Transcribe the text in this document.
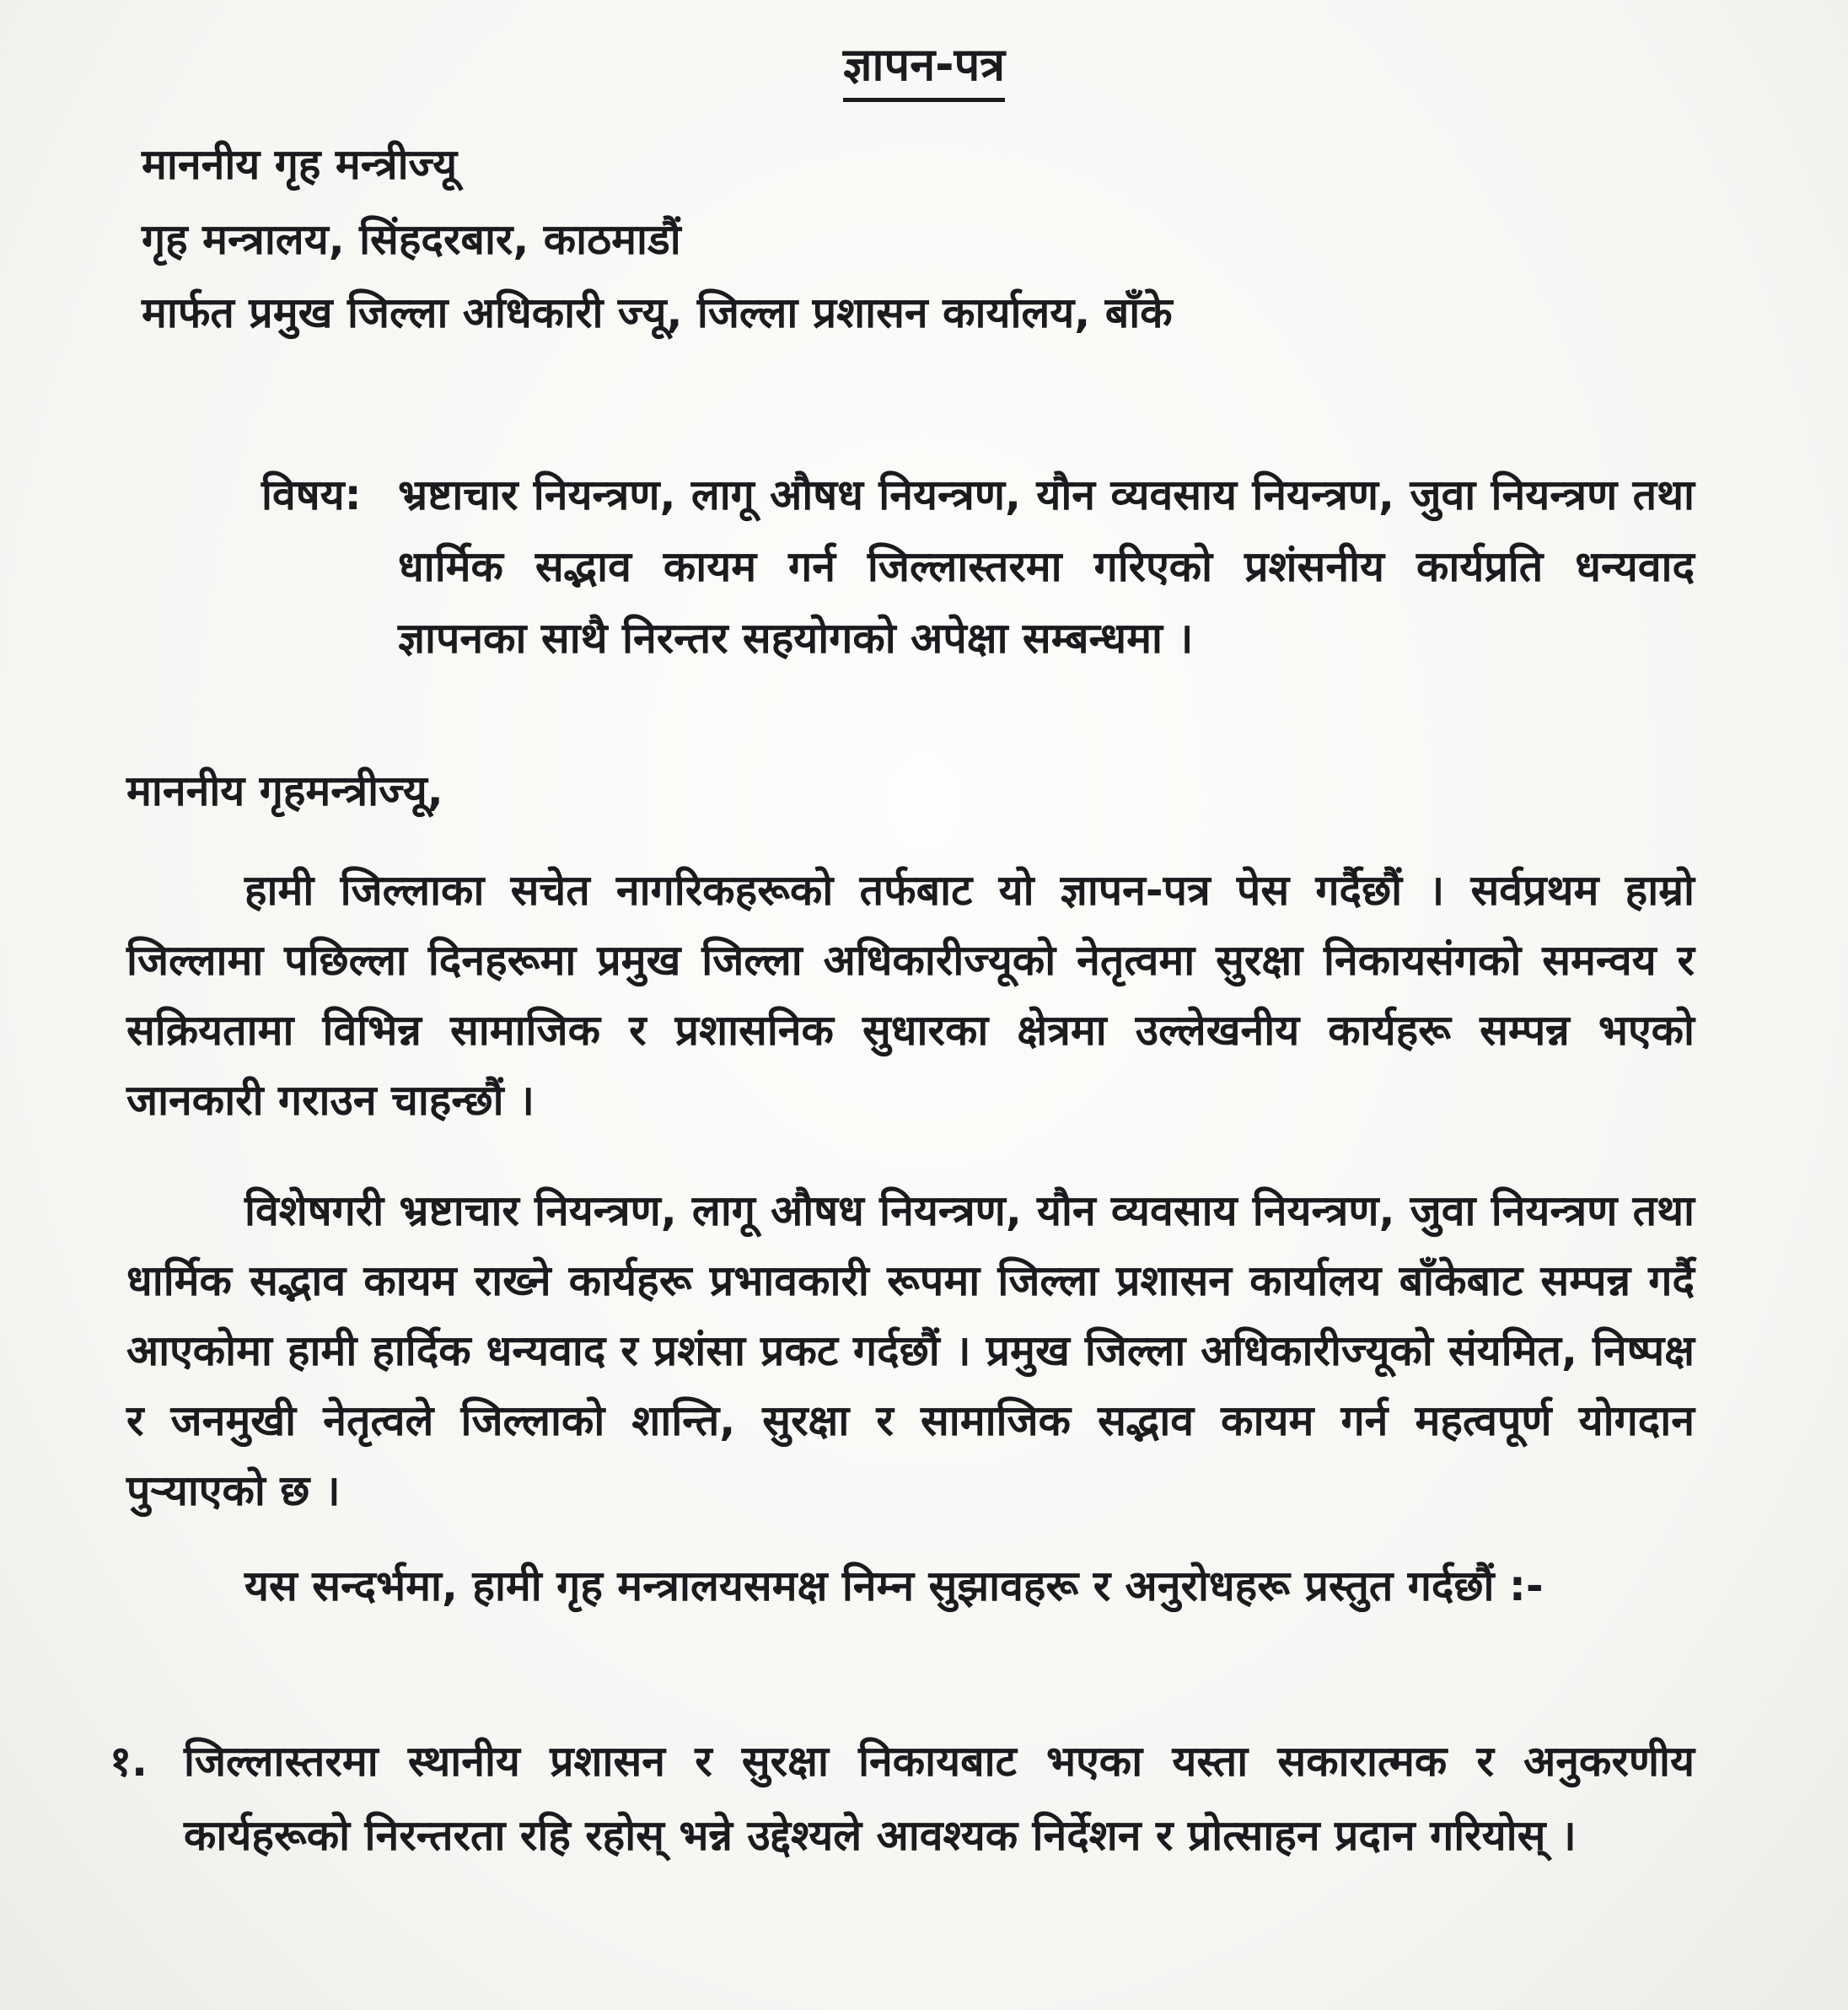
ज्ञापन-पत्र
माननीय गृह मन्त्रीज्यू
गृह मन्त्रालय, सिंहदरबार, काठमाडौं
मार्फत प्रमुख जिल्ला अधिकारी ज्यू, जिल्ला प्रशासन कार्यालय, बाँके
विषय: भ्रष्टाचार नियन्त्रण, लागू औषध नियन्त्रण, यौन व्यवसाय नियन्त्रण, जुवा नियन्त्रण तथा धार्मिक सद्भाव कायम गर्न जिल्लास्तरमा गरिएको प्रशंसनीय कार्यप्रति धन्यवाद ज्ञापनका साथै निरन्तर सहयोगको अपेक्षा सम्बन्धमा ।
माननीय गृहमन्त्रीज्यू,
हामी जिल्लाका सचेत नागरिकहरूको तर्फबाट यो ज्ञापन-पत्र पेस गर्दैछौं । सर्वप्रथम हाम्रो जिल्लामा पछिल्ला दिनहरूमा प्रमुख जिल्ला अधिकारीज्यूको नेतृत्वमा सुरक्षा निकायसंगको समन्वय र सक्रियतामा विभिन्न सामाजिक र प्रशासनिक सुधारका क्षेत्रमा उल्लेखनीय कार्यहरू सम्पन्न भएको जानकारी गराउन चाहन्छौं ।
विशेषगरी भ्रष्टाचार नियन्त्रण, लागू औषध नियन्त्रण, यौन व्यवसाय नियन्त्रण, जुवा नियन्त्रण तथा धार्मिक सद्भाव कायम राख्ने कार्यहरू प्रभावकारी रूपमा जिल्ला प्रशासन कार्यालय बाँकेबाट सम्पन्न गर्दै आएकोमा हामी हार्दिक धन्यवाद र प्रशंसा प्रकट गर्दछौं । प्रमुख जिल्ला अधिकारीज्यूको संयमित, निष्पक्ष र जनमुखी नेतृत्वले जिल्लाको शान्ति, सुरक्षा र सामाजिक सद्भाव कायम गर्न महत्वपूर्ण योगदान पुऱ्याएको छ ।
यस सन्दर्भमा, हामी गृह मन्त्रालयसमक्ष निम्न सुझावहरू र अनुरोधहरू प्रस्तुत गर्दछौं :-
१. जिल्लास्तरमा स्थानीय प्रशासन र सुरक्षा निकायबाट भएका यस्ता सकारात्मक र अनुकरणीय कार्यहरूको निरन्तरता रहि रहोस् भन्ने उद्देश्यले आवश्यक निर्देशन र प्रोत्साहन प्रदान गरियोस् ।
